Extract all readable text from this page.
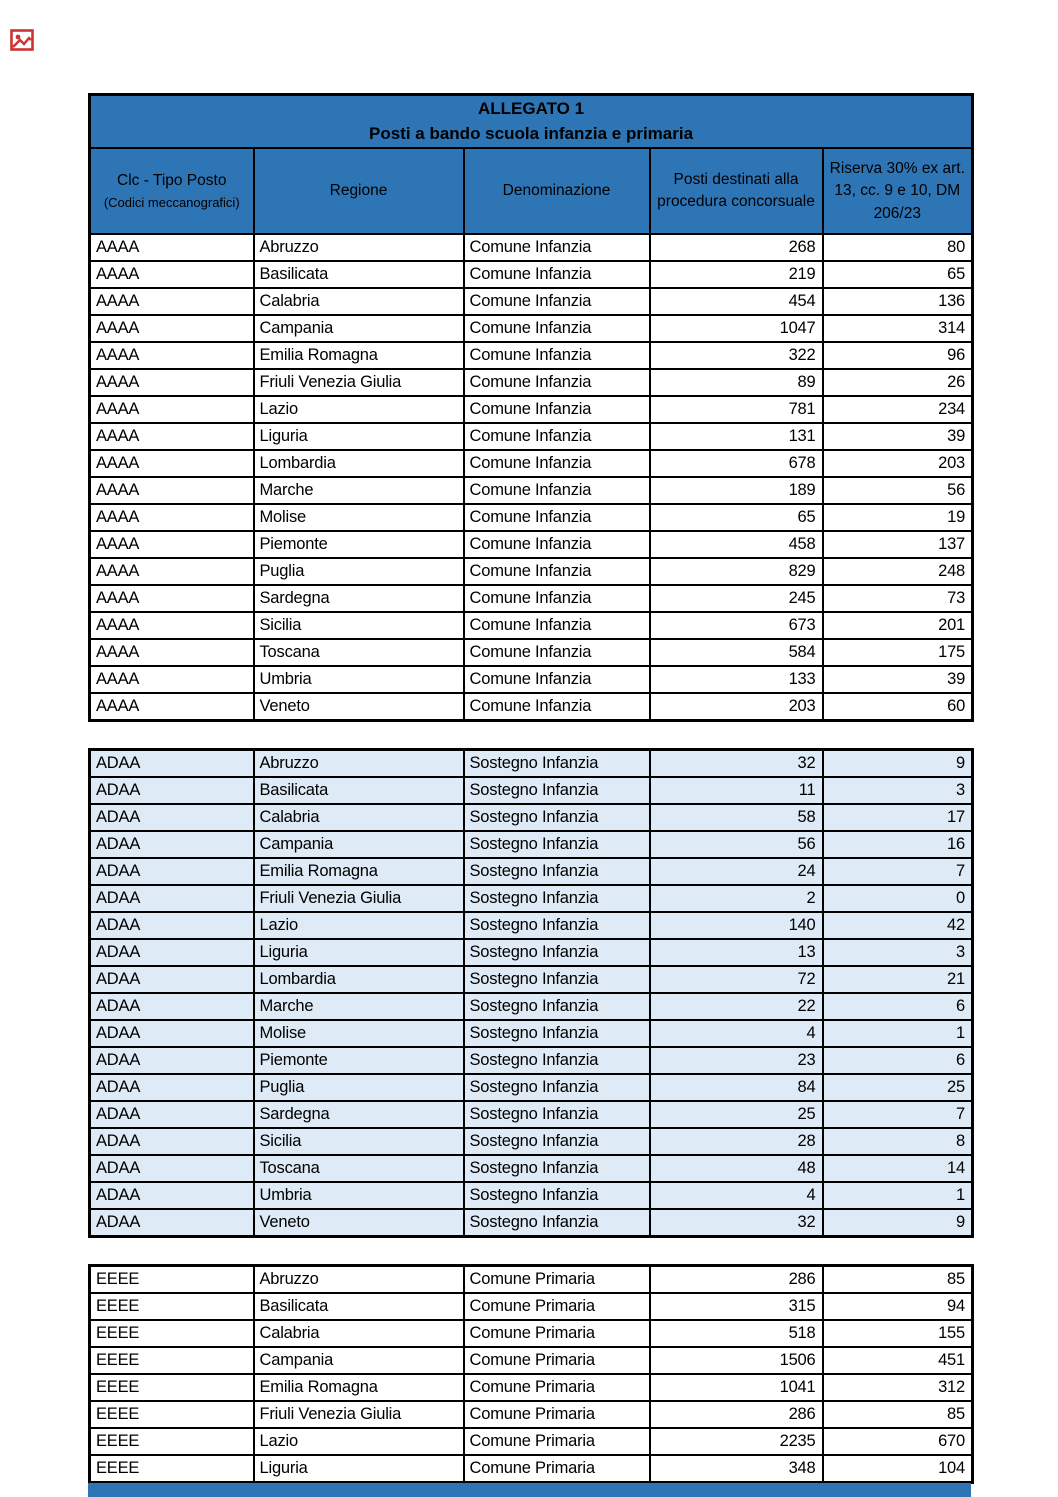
ALLEGATO 1
Posti a bando scuola infanzia e primaria				

Clc - Tipo Posto
(Codici meccanografici)	Regione	Denominazione	Posti destinati alla procedura concorsuale	Riserva 30% ex art. 13, cc. 9 e 10, DM 206/23
AAAA	Abruzzo	Comune Infanzia	268	80
AAAA	Basilicata	Comune Infanzia	219	65
AAAA	Calabria	Comune Infanzia	454	136
AAAA	Campania	Comune Infanzia	1047	314
AAAA	Emilia Romagna	Comune Infanzia	322	96
AAAA	Friuli Venezia Giulia	Comune Infanzia	89	26
AAAA	Lazio	Comune Infanzia	781	234
AAAA	Liguria	Comune Infanzia	131	39
AAAA	Lombardia	Comune Infanzia	678	203
AAAA	Marche	Comune Infanzia	189	56
AAAA	Molise	Comune Infanzia	65	19
AAAA	Piemonte	Comune Infanzia	458	137
AAAA	Puglia	Comune Infanzia	829	248
AAAA	Sardegna	Comune Infanzia	245	73
AAAA	Sicilia	Comune Infanzia	673	201
AAAA	Toscana	Comune Infanzia	584	175
AAAA	Umbria	Comune Infanzia	133	39
AAAA	Veneto	Comune Infanzia	203	60
ADAA	Abruzzo	Sostegno Infanzia	32	9
ADAA	Basilicata	Sostegno Infanzia	11	3
ADAA	Calabria	Sostegno Infanzia	58	17
ADAA	Campania	Sostegno Infanzia	56	16
ADAA	Emilia Romagna	Sostegno Infanzia	24	7
ADAA	Friuli Venezia Giulia	Sostegno Infanzia	2	0
ADAA	Lazio	Sostegno Infanzia	140	42
ADAA	Liguria	Sostegno Infanzia	13	3
ADAA	Lombardia	Sostegno Infanzia	72	21
ADAA	Marche	Sostegno Infanzia	22	6
ADAA	Molise	Sostegno Infanzia	4	1
ADAA	Piemonte	Sostegno Infanzia	23	6
ADAA	Puglia	Sostegno Infanzia	84	25
ADAA	Sardegna	Sostegno Infanzia	25	7
ADAA	Sicilia	Sostegno Infanzia	28	8
ADAA	Toscana	Sostegno Infanzia	48	14
ADAA	Umbria	Sostegno Infanzia	4	1
ADAA	Veneto	Sostegno Infanzia	32	9
EEEE	Abruzzo	Comune Primaria	286	85
EEEE	Basilicata	Comune Primaria	315	94
EEEE	Calabria	Comune Primaria	518	155
EEEE	Campania	Comune Primaria	1506	451
EEEE	Emilia Romagna	Comune Primaria	1041	312
EEEE	Friuli Venezia Giulia	Comune Primaria	286	85
EEEE	Lazio	Comune Primaria	2235	670
EEEE	Liguria	Comune Primaria	348	104
